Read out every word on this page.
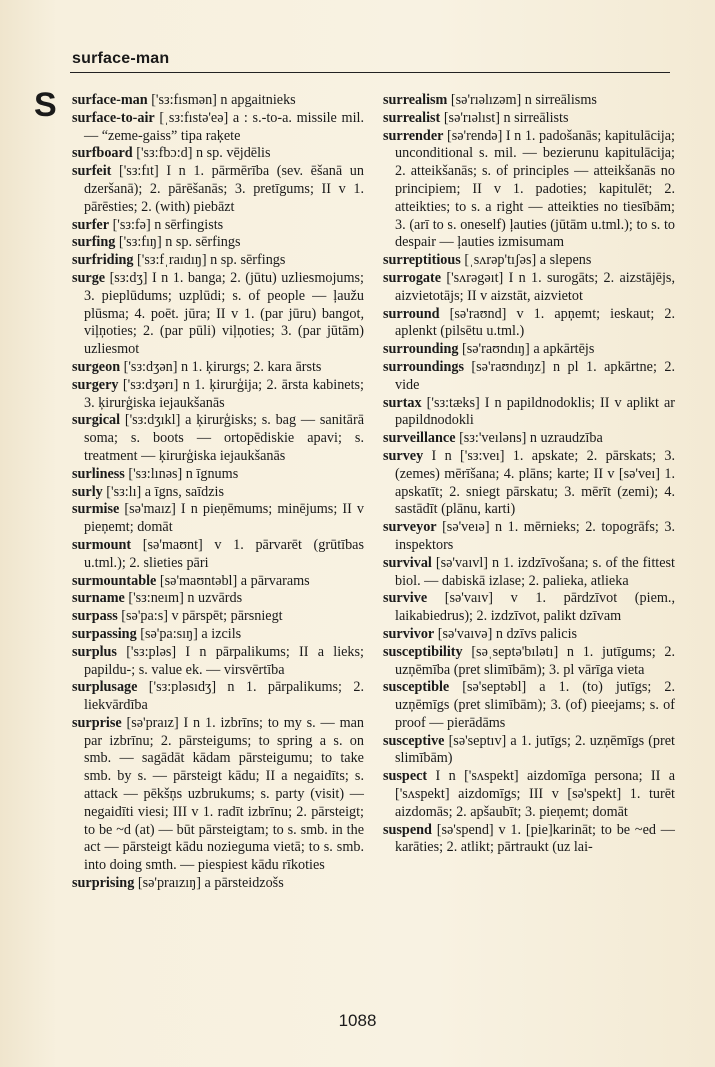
surface-man
S surface-man ['sз:fısmən] n apgaitnieks

surface-to-air [ˌsз:fıstə'eə] a : s.-to-a. missile mil. — “zeme-gaiss” tipa raķete

surfboard ['sз:fbɔ:d] n sp. vējdēlis

surfeit ['sз:fıt] I n 1. pārmērība (sev. ēšanā un dzeršanā); 2. pārēšanās; 3. pretīgums; II v 1. pārēsties; 2. (with) piebāzt

surfer ['sз:fə] n sērfingists

surfing ['sз:fıŋ] n sp. sērfings

surfriding ['sз:fˌraıdıŋ] n sp. sērfings

surge [sз:dʒ] I n 1. banga; 2. (jūtu) uzliesmojums; 3. pieplūdums; uzplūdi; s. of people — ļaužu plūsma; 4. poēt. jūra; II v 1. (par jūru) bangot, viļņoties; 2. (par pūli) viļņoties; 3. (par jūtām) uzliesmot

surgeon ['sз:dʒən] n 1. ķirurgs; 2. kara ārsts

surgery ['sз:dʒərı] n 1. ķirurģija; 2. ārsta kabinets; 3. ķirurģiska iejaukšanās

surgical ['sз:dʒıkl] a ķirurģisks; s. bag — sanitārā soma; s. boots — ortopēdiskie apavi; s. treatment — ķirurģiska iejaukšanās

surliness ['sз:lınəs] n īgnums

surly ['sз:lı] a īgns, saīdzis

surmise [sə'maız] I n pieņēmums; minējums; II v pieņemt; domāt

surmount [sə'maʊnt] v 1. pārvarēt (grūtības u.tml.); 2. slieties pāri

surmountable [sə'maʊntəbl] a pārvarams

surname ['sз:neım] n uzvārds

surpass [sə'pa:s] v pārspēt; pārsniegt

surpassing [sə'pa:sıŋ] a izcils

surplus ['sз:pləs] I n pārpalikums; II a lieks; papildu-; s. value ek. — virsvērtība

surplusage ['sз:pləsıdʒ] n 1. pārpalikums; 2. liekvārdība

surprise [sə'praız] I n 1. izbrīns; to my s. — man par izbrīnu; 2. pārsteigums; to spring a s. on smb. — sagādāt kādam pārsteigumu; to take smb. by s. — pārsteigt kādu; II a negaidīts; s. attack — pēkšņs uzbrukums; s. party (visit) — negaidīti viesi; III v 1. radīt izbrīnu; 2. pārsteigt; to be ~d (at) — būt pārsteigtam; to s. smb. in the act — pārsteigt kādu nozieguma vietā; to s. smb. into doing smth. — piespiest kādu rīkoties

surprising [sə'praızıŋ] a pārsteidzošs

surrealism [sə'rıəlızəm] n sirreālisms

surrealist [sə'rıəlıst] n sirreālists

surrender [sə'rendə] I n 1. padošanās; kapitulācija; unconditional s. mil. — bezierunu kapitulācija; 2. atteikšanās; s. of principles — atteikšanās no principiem; II v 1. padoties; kapitulēt; 2. atteikties; to s. a right — atteikties no tiesībām; 3. (arī to s. oneself) ļauties (jūtām u.tml.); to s. to despair — ļauties izmisumam

surreptitious [ˌsʌrəp'tıʃəs] a slepens

surrogate ['sʌrəgəıt] I n 1. surogāts; 2. aizstājējs, aizvietotājs; II v aizstāt, aizvietot

surround [sə'raʊnd] v 1. apņemt; ieskaut; 2. aplenkt (pilsētu u.tml.)

surrounding [sə'raʊndıŋ] a apkārtējs

surroundings [sə'raʊndıŋz] n pl 1. apkārtne; 2. vide

surtax ['sз:tæks] I n papildnodoklis; II v aplikt ar papildnodokli

surveillance [sз:'veıləns] n uzraudzība

survey I n ['sз:veı] 1. apskate; 2. pārskats; 3. (zemes) mērīšana; 4. plāns; karte; II v [sə'veı] 1. apskatīt; 2. sniegt pārskatu; 3. mērīt (zemi); 4. sastādīt (plānu, karti)

surveyor [sə'veıə] n 1. mērnieks; 2. topogrāfs; 3. inspektors

survival [sə'vaıvl] n 1. izdzīvošana; s. of the fittest biol. — dabiskā izlase; 2. palieka, atlieka

survive [sə'vaıv] v 1. pārdzīvot (piem., laikabiedrus); 2. izdzīvot, palikt dzīvam

survivor [sə'vaıvə] n dzīvs palicis

susceptibility [səˌseptə'bılətı] n 1. jutīgums; 2. uzņēmība (pret slimībām); 3. pl vārīga vieta

susceptible [sə'septəbl] a 1. (to) jutīgs; 2. uzņēmīgs (pret slimībām); 3. (of) pieejams; s. of proof — pierādāms

susceptive [sə'septıv] a 1. jutīgs; 2. uzņēmīgs (pret slimībām)

suspect I n ['sʌspekt] aizdomīga persona; II a ['sʌspekt] aizdomīgs; III v [sə'spekt] 1. turēt aizdomās; 2. apšaubīt; 3. pieņemt; domāt

suspend [sə'spend] v 1. [pie]karināt; to be ~ed — karāties; 2. atlikt; pārtraukt (uz lai-

1088
